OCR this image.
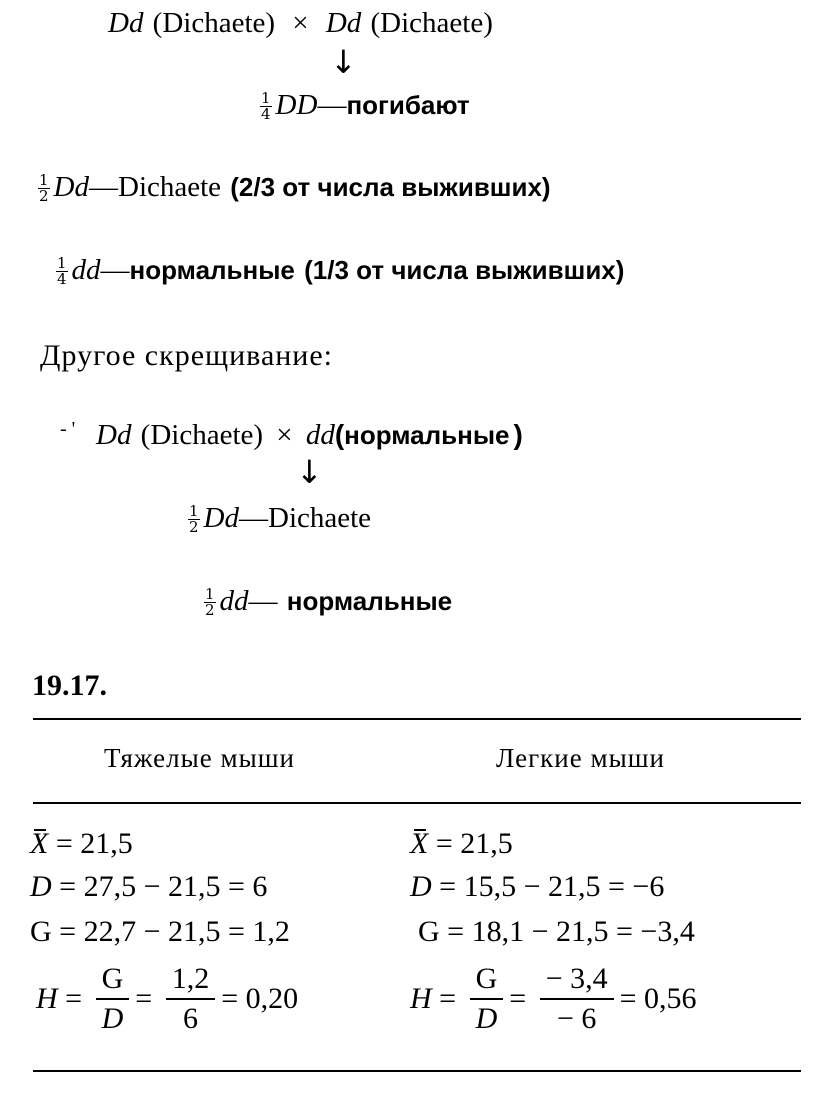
Dd (Dichaete) × Dd (Dichaete)
↓
$\frac{1}{4}$ DD—погибают
$\frac{1}{2}$ Dd—Dichaete (2/3 от числа выживших)
$\frac{1}{4}$ dd—нормальные (1/3 от числа выживших)
Другое скрещивание:
- ' Dd (Dichaete) × dd(нормальные )
↓
$\frac{1}{2}$ Dd—Dichaete
$\frac{1}{2}$ dd— нормальные
19.17.
Тяжелые мыши	Легкие мыши
X = 21,5
D = 27,5 − 21,5 = 6
G = 22,7 − 21,5 = 1,2
$H = \frac{G}{D} = \frac{1,2}{6} = 0,20$
X = 21,5
D = 15,5 − 21,5 = −6
G = 18,1 − 21,5 = −3,4
$H = \frac{G}{D} = \frac{- 3,4}{- 6} = 0,56$
